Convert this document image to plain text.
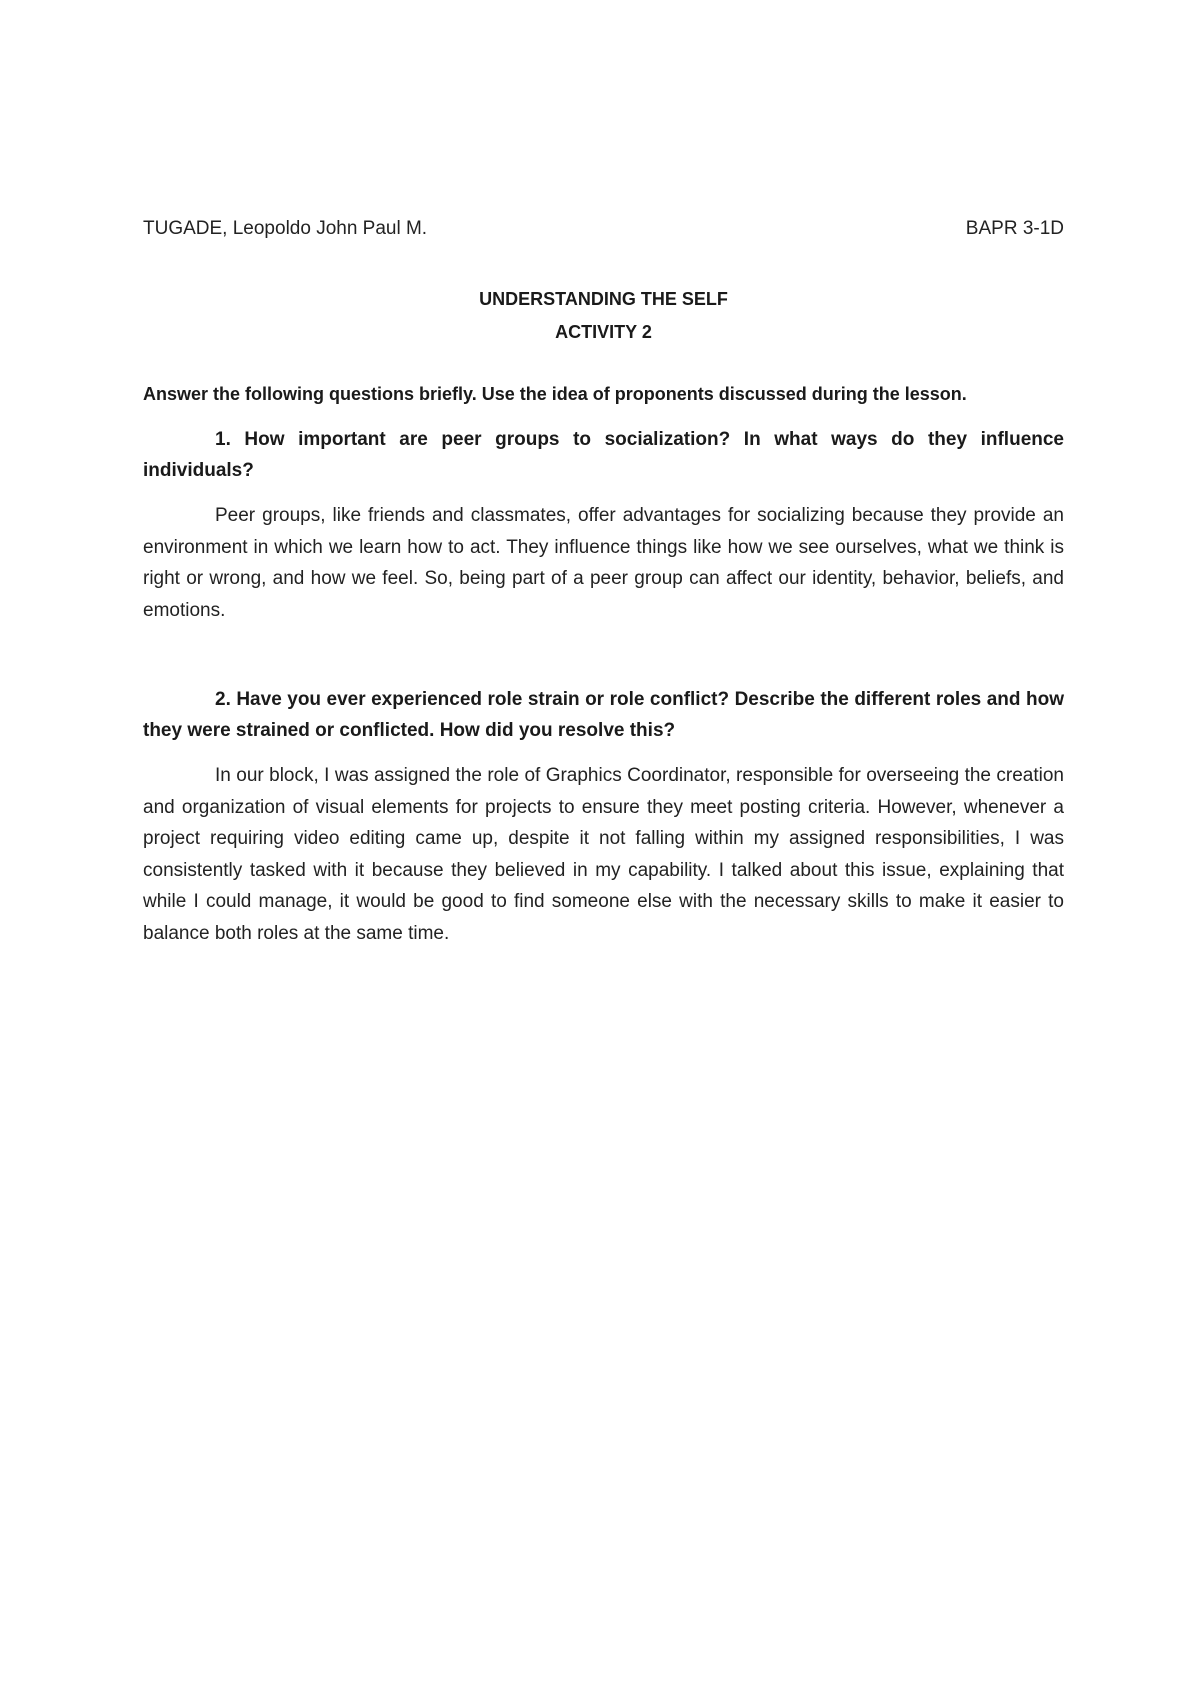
TUGADE, Leopoldo John Paul M.	BAPR 3-1D
UNDERSTANDING THE SELF
ACTIVITY 2
Answer the following questions briefly. Use the idea of proponents discussed during the lesson.
1. How important are peer groups to socialization? In what ways do they influence individuals?
Peer groups, like friends and classmates, offer advantages for socializing because they provide an environment in which we learn how to act. They influence things like how we see ourselves, what we think is right or wrong, and how we feel. So, being part of a peer group can affect our identity, behavior, beliefs, and emotions.
2. Have you ever experienced role strain or role conflict? Describe the different roles and how they were strained or conflicted. How did you resolve this?
In our block, I was assigned the role of Graphics Coordinator, responsible for overseeing the creation and organization of visual elements for projects to ensure they meet posting criteria. However, whenever a project requiring video editing came up, despite it not falling within my assigned responsibilities, I was consistently tasked with it because they believed in my capability. I talked about this issue, explaining that while I could manage, it would be good to find someone else with the necessary skills to make it easier to balance both roles at the same time.
